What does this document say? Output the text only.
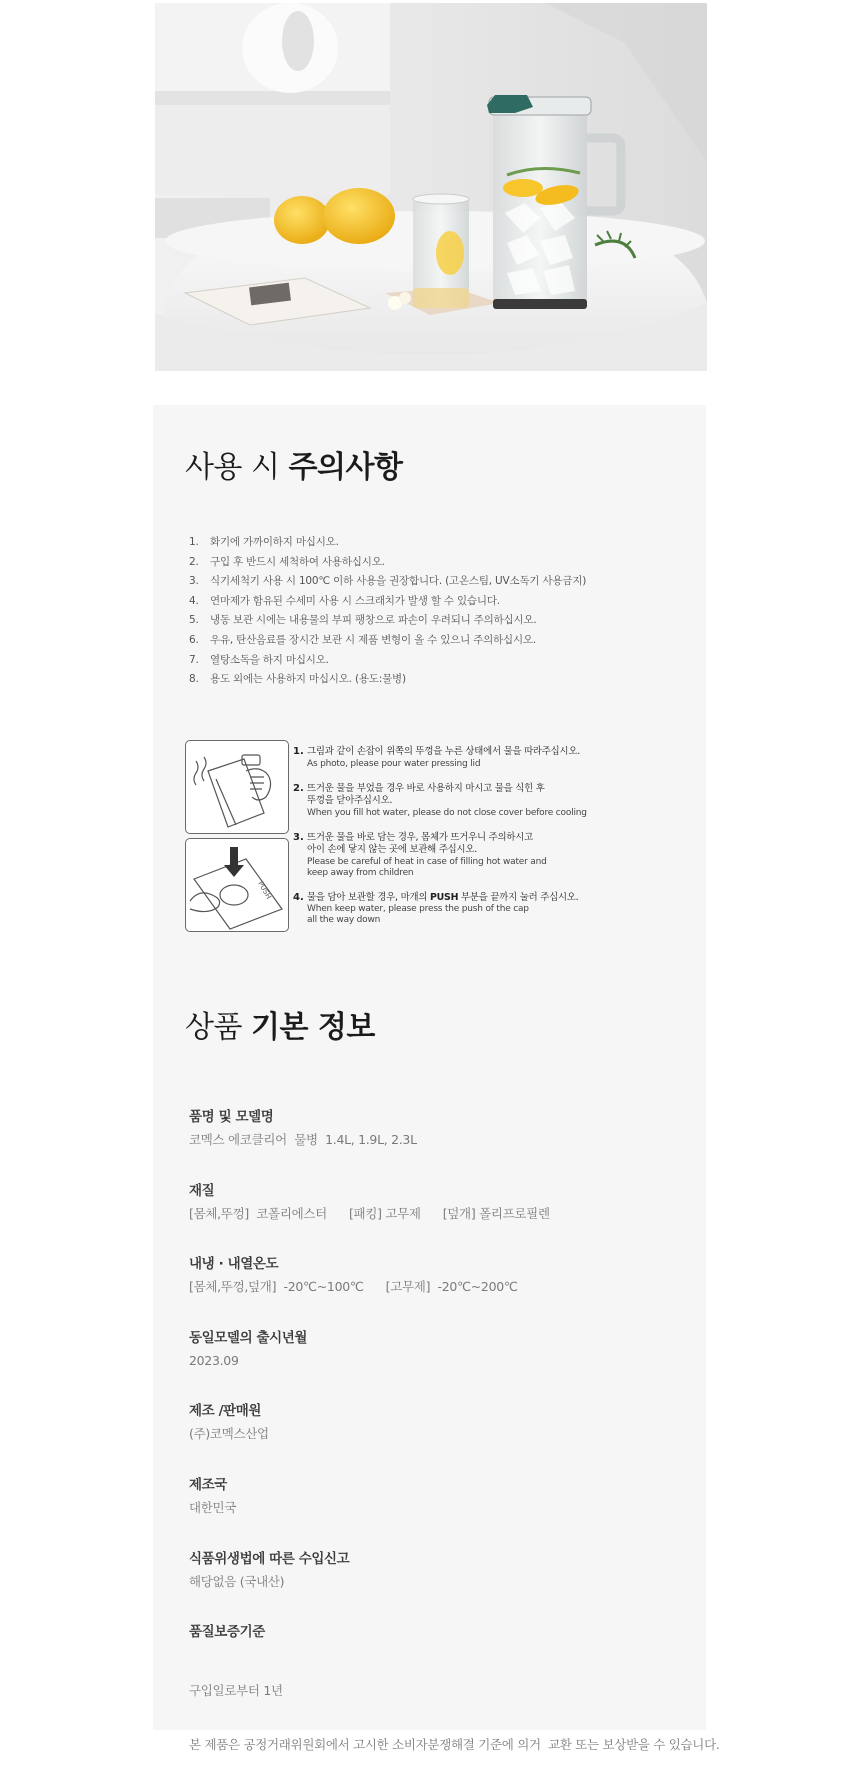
사용 시 주의사항
1. 화기에 가까이하지 마십시오.
2. 구입 후 반드시 세척하여 사용하십시오.
3. 식기세척기 사용 시 100℃ 이하 사용을 권장합니다. (고온스팀, UV소독기 사용금지)
4. 연마제가 함유된 수세미 사용 시 스크래치가 발생 할 수 있습니다.
5. 냉동 보관 시에는 내용물의 부피 팽창으로 파손이 우려되니 주의하십시오.
6. 우유, 탄산음료를 장시간 보관 시 제품 변형이 올 수 있으니 주의하십시오.
7. 열탕소독을 하지 마십시오.
8. 용도 외에는 사용하지 마십시오. (용도:물병)
PUSH
1. 그림과 같이 손잡이 위쪽의 뚜껑을 누른 상태에서 물을 따라주십시오.
As photo, please pour water pressing lid
2. 뜨거운 물을 부었을 경우 바로 사용하지 마시고 물을 식힌 후
뚜껑을 닫아주십시오.
When you fill hot water, please do not close cover before cooling
3. 뜨거운 물을 바로 담는 경우, 몸체가 뜨거우니 주의하시고
아이 손에 닿지 않는 곳에 보관해 주십시오.
Please be careful of heat in case of filling hot water and
keep away from children
4. 물을 담아 보관할 경우, 마개의 PUSH 부분을 끝까지 눌러 주십시오.
When keep water, please press the push of the cap
all the way down
상품 기본 정보
품명 및 모델명
코멕스 에코클리어  물병  1.4L, 1.9L, 2.3L
재질
[몸체,뚜껑]  코폴리에스터      [패킹] 고무제      [덮개] 폴리프로필렌
내냉 · 내열온도
[몸체,뚜껑,덮개]  -20℃~100℃      [고무제]  -20℃~200℃
동일모델의 출시년월
2023.09
제조 /판매원
(주)코멕스산업
제조국
대한민국
식품위생법에 따른 수입신고
해당없음 (국내산)
품질보증기준

구입일로부터 1년

본 제품은 공정거래위원회에서 고시한 소비자분쟁해결 기준에 의거  교환 또는 보상받을 수 있습니다.
